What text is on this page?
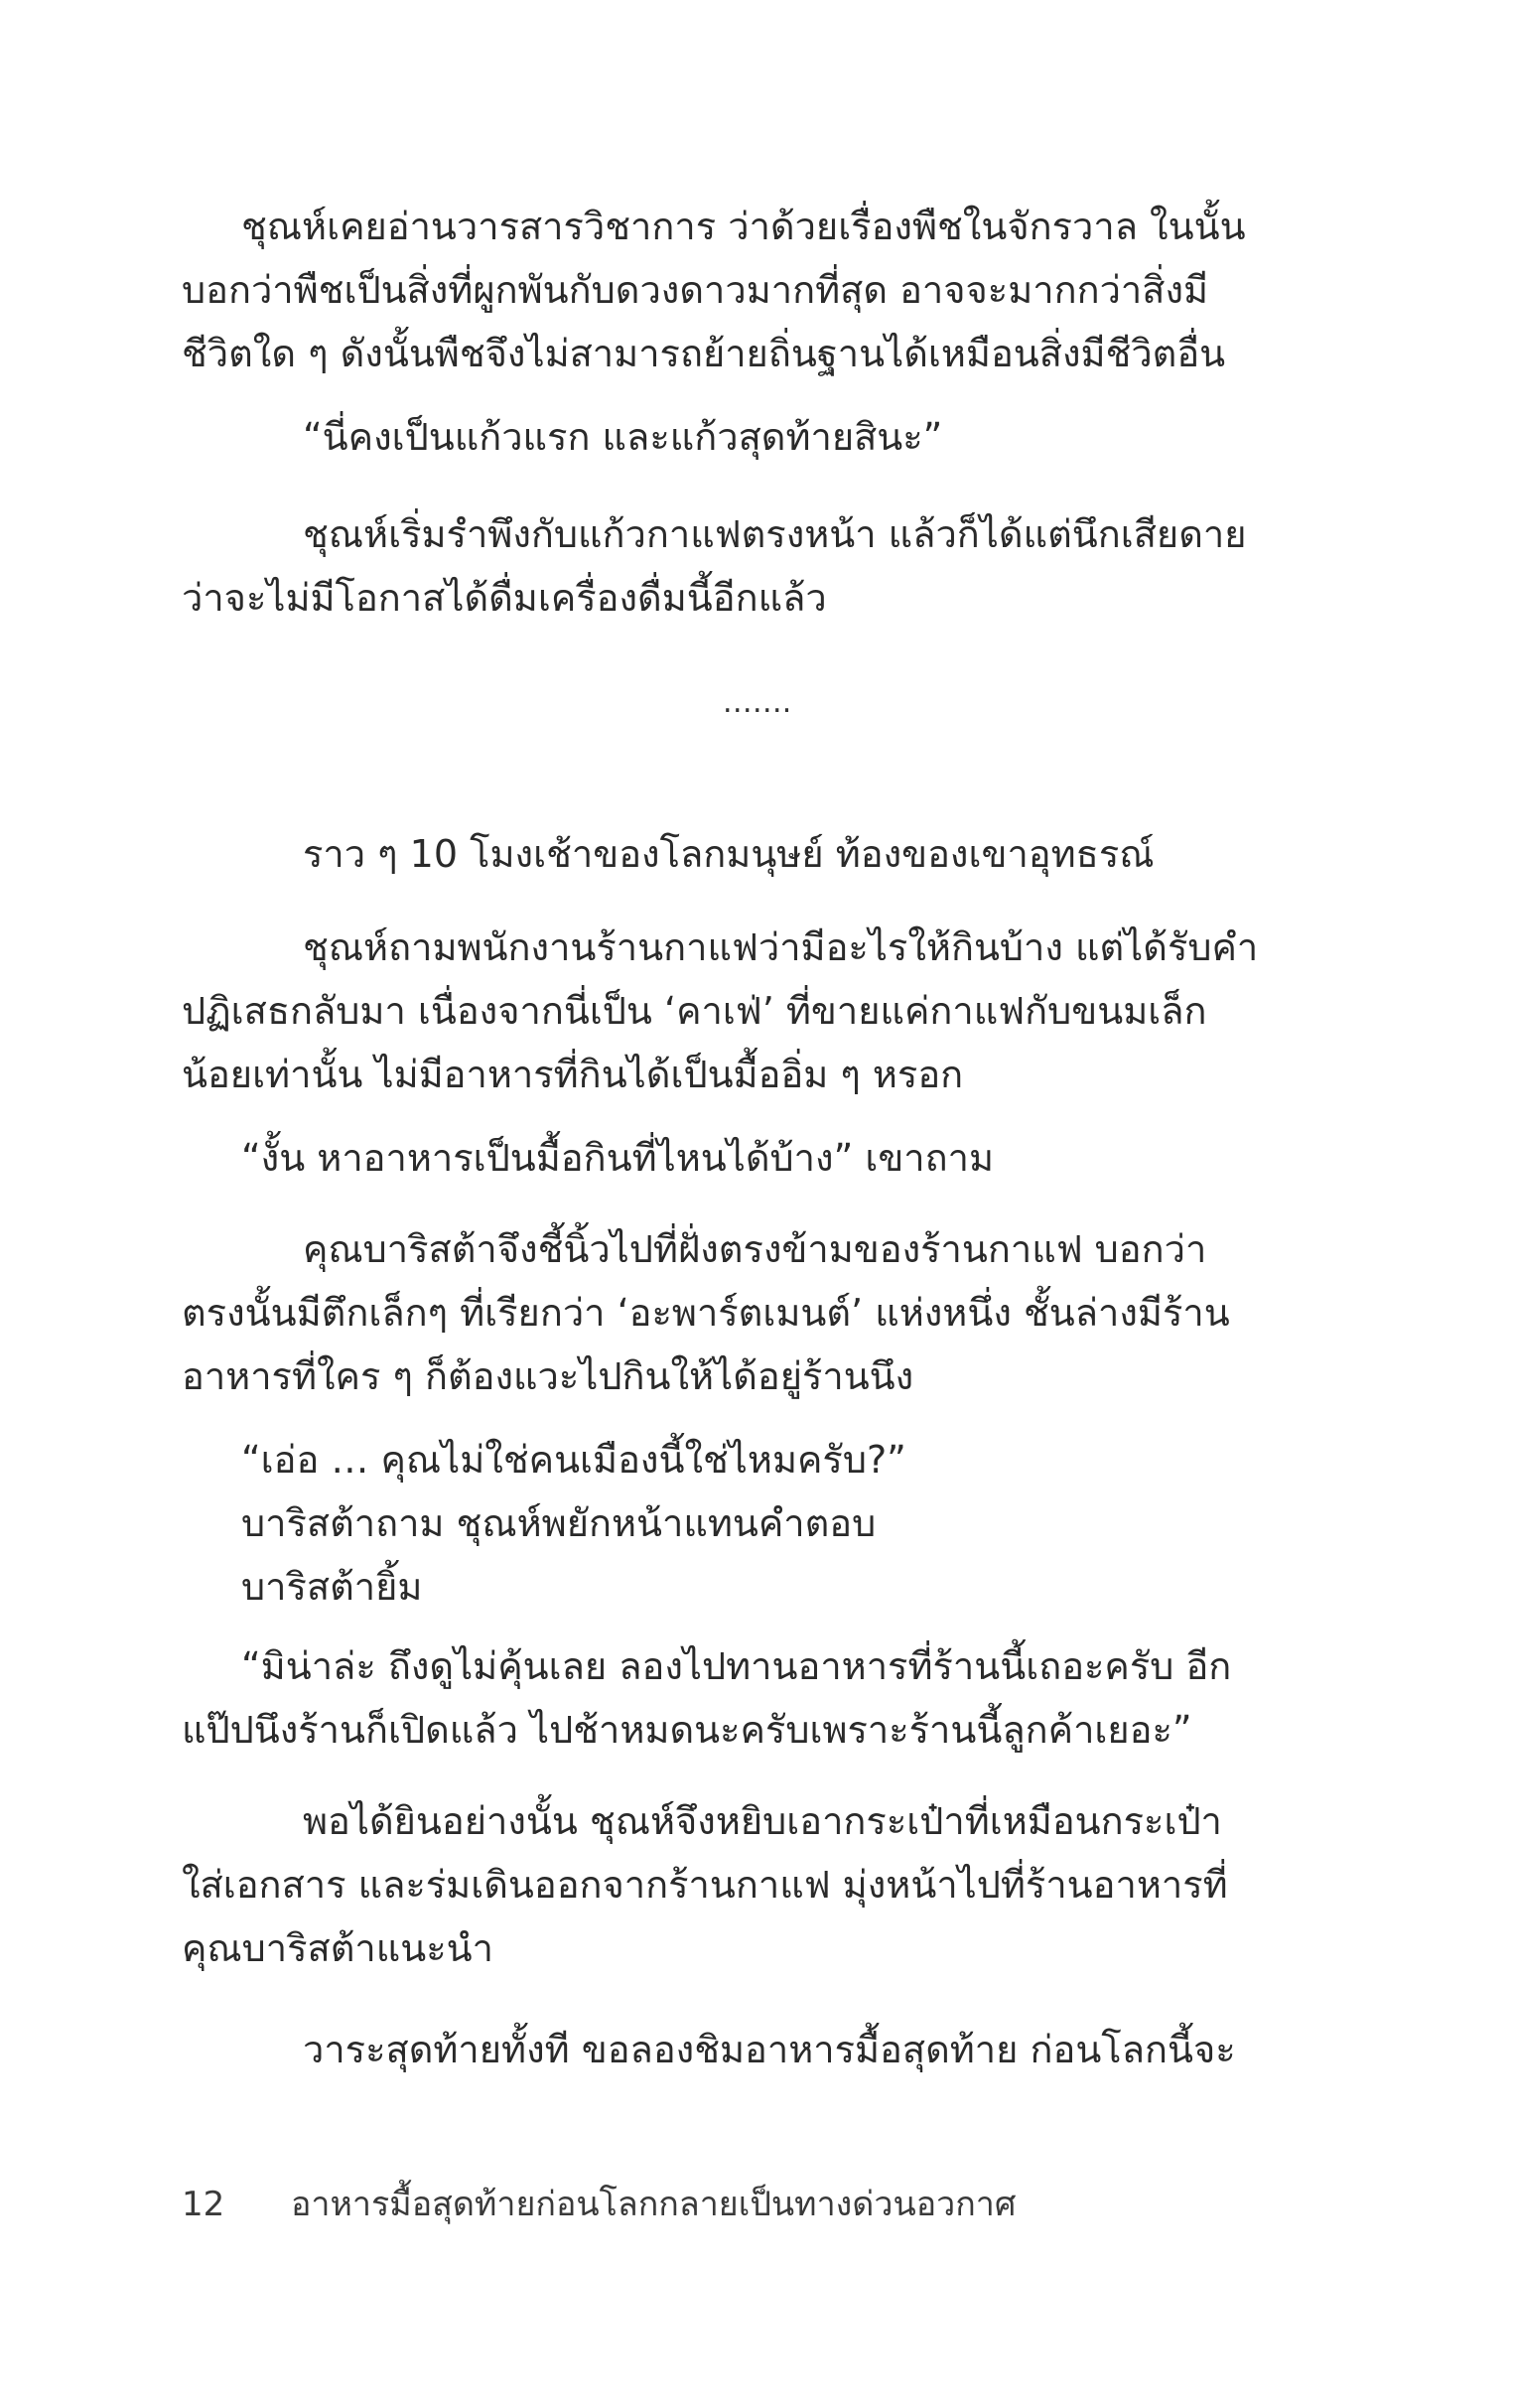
ชุณห์เคยอ่านวารสารวิชาการ ว่าด้วยเรื่องพืชในจักรวาล ในนั้น
บอกว่าพืชเป็นสิ่งที่ผูกพันกับดวงดาวมากที่สุด อาจจะมากกว่าสิ่งมี
ชีวิตใด ๆ ดังนั้นพืชจึงไม่สามารถย้ายถิ่นฐานได้เหมือนสิ่งมีชีวิตอื่น
“นี่คงเป็นแก้วแรก และแก้วสุดท้ายสินะ”
ชุณห์เริ่มรำพึงกับแก้วกาแฟตรงหน้า แล้วก็ได้แต่นึกเสียดาย
ว่าจะไม่มีโอกาสได้ดื่มเครื่องดื่มนี้อีกแล้ว
…….
ราว ๆ 10 โมงเช้าของโลกมนุษย์ ท้องของเขาอุทธรณ์
ชุณห์ถามพนักงานร้านกาแฟว่ามีอะไรให้กินบ้าง แต่ได้รับคำ
ปฏิเสธกลับมา เนื่องจากนี่เป็น ‘คาเฟ่’ ที่ขายแค่กาแฟกับขนมเล็ก
น้อยเท่านั้น ไม่มีอาหารที่กินได้เป็นมื้ออิ่ม ๆ หรอก
“งั้น หาอาหารเป็นมื้อกินที่ไหนได้บ้าง” เขาถาม
คุณบาริสต้าจึงชี้นิ้วไปที่ฝั่งตรงข้ามของร้านกาแฟ บอกว่า
ตรงนั้นมีตึกเล็กๆ ที่เรียกว่า ‘อะพาร์ตเมนต์’ แห่งหนึ่ง ชั้นล่างมีร้าน
อาหารที่ใคร ๆ ก็ต้องแวะไปกินให้ได้อยู่ร้านนึง
“เอ่อ … คุณไม่ใช่คนเมืองนี้ใช่ไหมครับ?”
บาริสต้าถาม ชุณห์พยักหน้าแทนคำตอบ
บาริสต้ายิ้ม
“มิน่าล่ะ ถึงดูไม่คุ้นเลย ลองไปทานอาหารที่ร้านนี้เถอะครับ อีก
แป๊ปนึงร้านก็เปิดแล้ว ไปช้าหมดนะครับเพราะร้านนี้ลูกค้าเยอะ”
พอได้ยินอย่างนั้น ชุณห์จึงหยิบเอากระเป๋าที่เหมือนกระเป๋า
ใส่เอกสาร และร่มเดินออกจากร้านกาแฟ มุ่งหน้าไปที่ร้านอาหารที่
คุณบาริสต้าแนะนำ
วาระสุดท้ายทั้งที ขอลองชิมอาหารมื้อสุดท้าย ก่อนโลกนี้จะ
12 อาหารมื้อสุดท้ายก่อนโลกกลายเป็นทางด่วนอวกาศ
